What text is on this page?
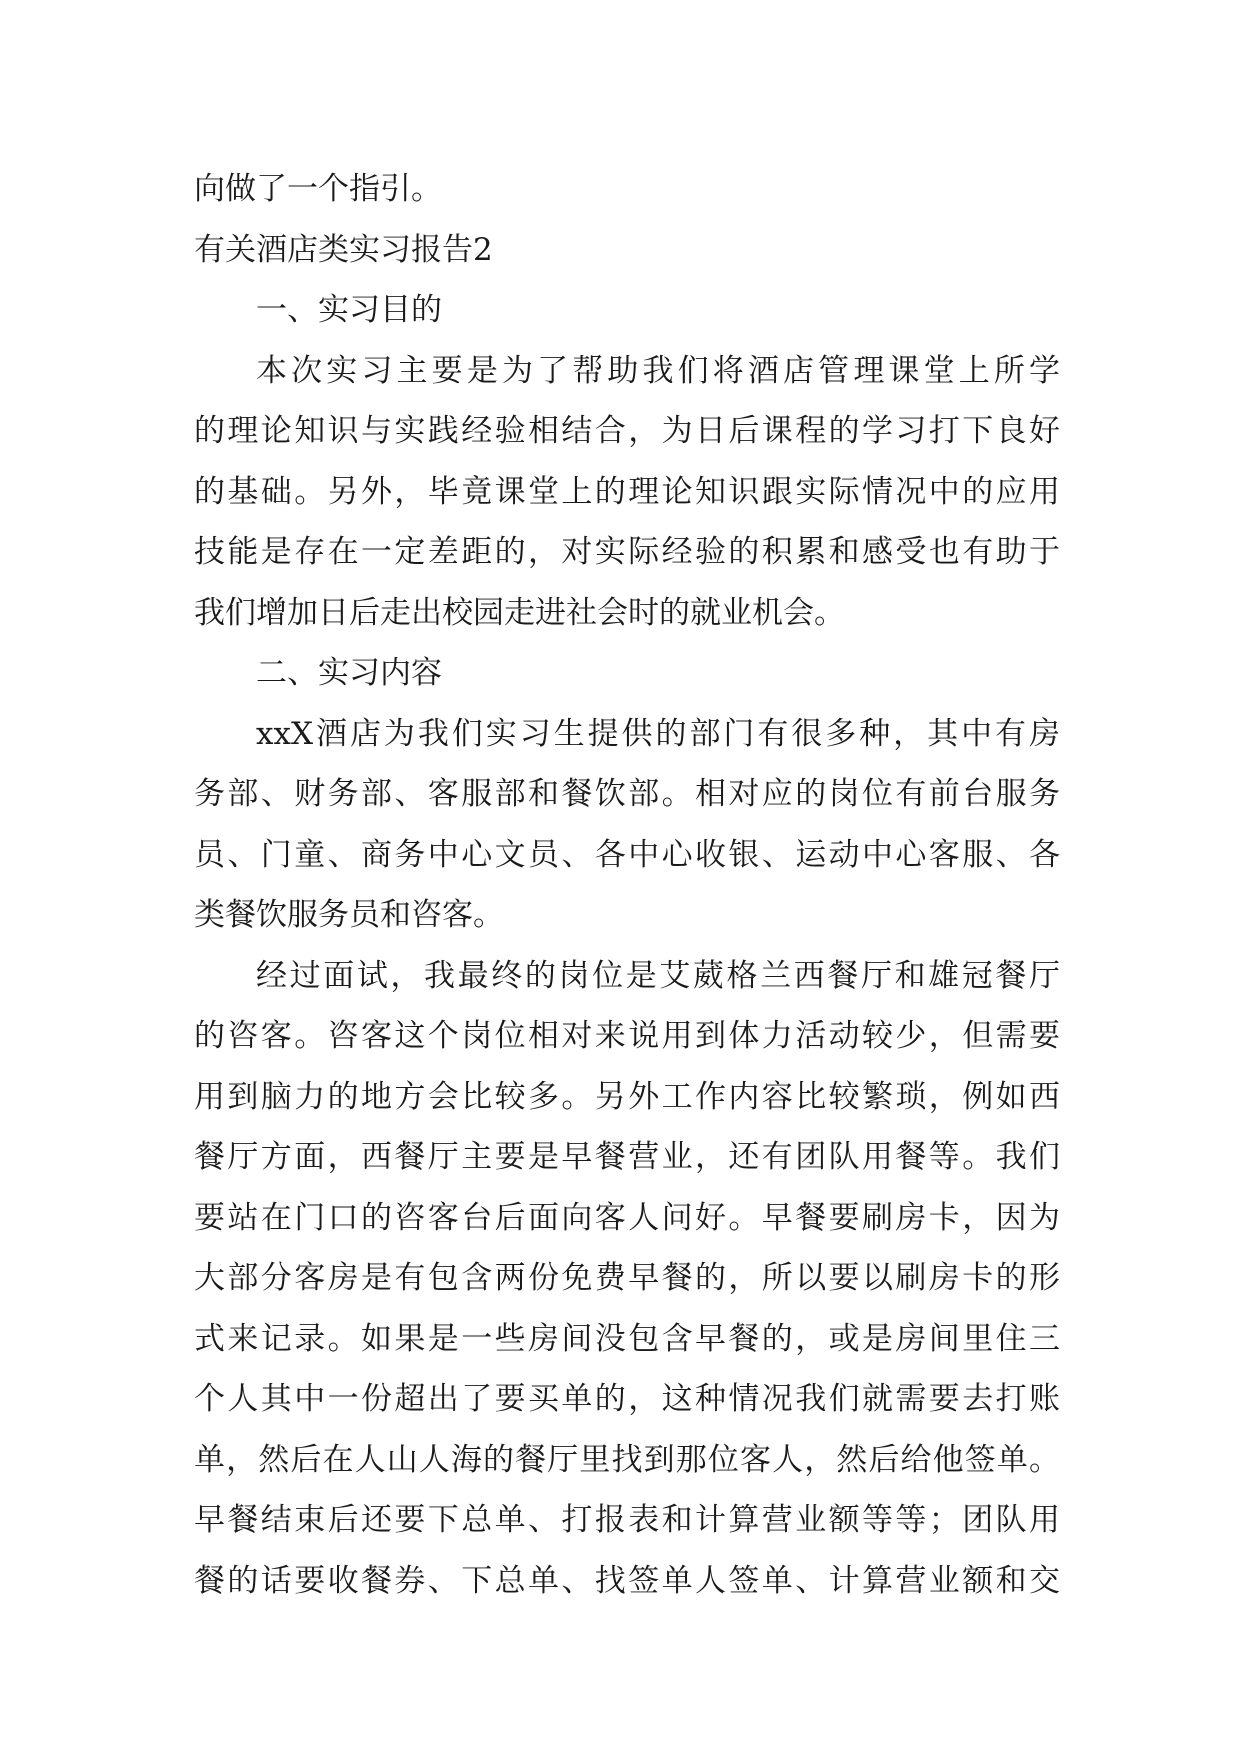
向做了一个指引。
有关酒店类实习报告2
一、实习目的
本次实习主要是为了帮助我们将酒店管理课堂上所学
的理论知识与实践经验相结合，为日后课程的学习打下良好
的基础。另外，毕竟课堂上的理论知识跟实际情况中的应用
技能是存在一定差距的，对实际经验的积累和感受也有助于
我们增加日后走出校园走进社会时的就业机会。
二、实习内容
xxX酒店为我们实习生提供的部门有很多种，其中有房
务部、财务部、客服部和餐饮部。相对应的岗位有前台服务
员、门童、商务中心文员、各中心收银、运动中心客服、各
类餐饮服务员和咨客。
经过面试，我最终的岗位是艾葳格兰西餐厅和雄冠餐厅
的咨客。咨客这个岗位相对来说用到体力活动较少，但需要
用到脑力的地方会比较多。另外工作内容比较繁琐，例如西
餐厅方面，西餐厅主要是早餐营业，还有团队用餐等。我们
要站在门口的咨客台后面向客人问好。早餐要刷房卡，因为
大部分客房是有包含两份免费早餐的，所以要以刷房卡的形
式来记录。如果是一些房间没包含早餐的，或是房间里住三
个人其中一份超出了要买单的，这种情况我们就需要去打账
单，然后在人山人海的餐厅里找到那位客人，然后给他签单。
早餐结束后还要下总单、打报表和计算营业额等等；团队用
餐的话要收餐券、下总单、找签单人签单、计算营业额和交
